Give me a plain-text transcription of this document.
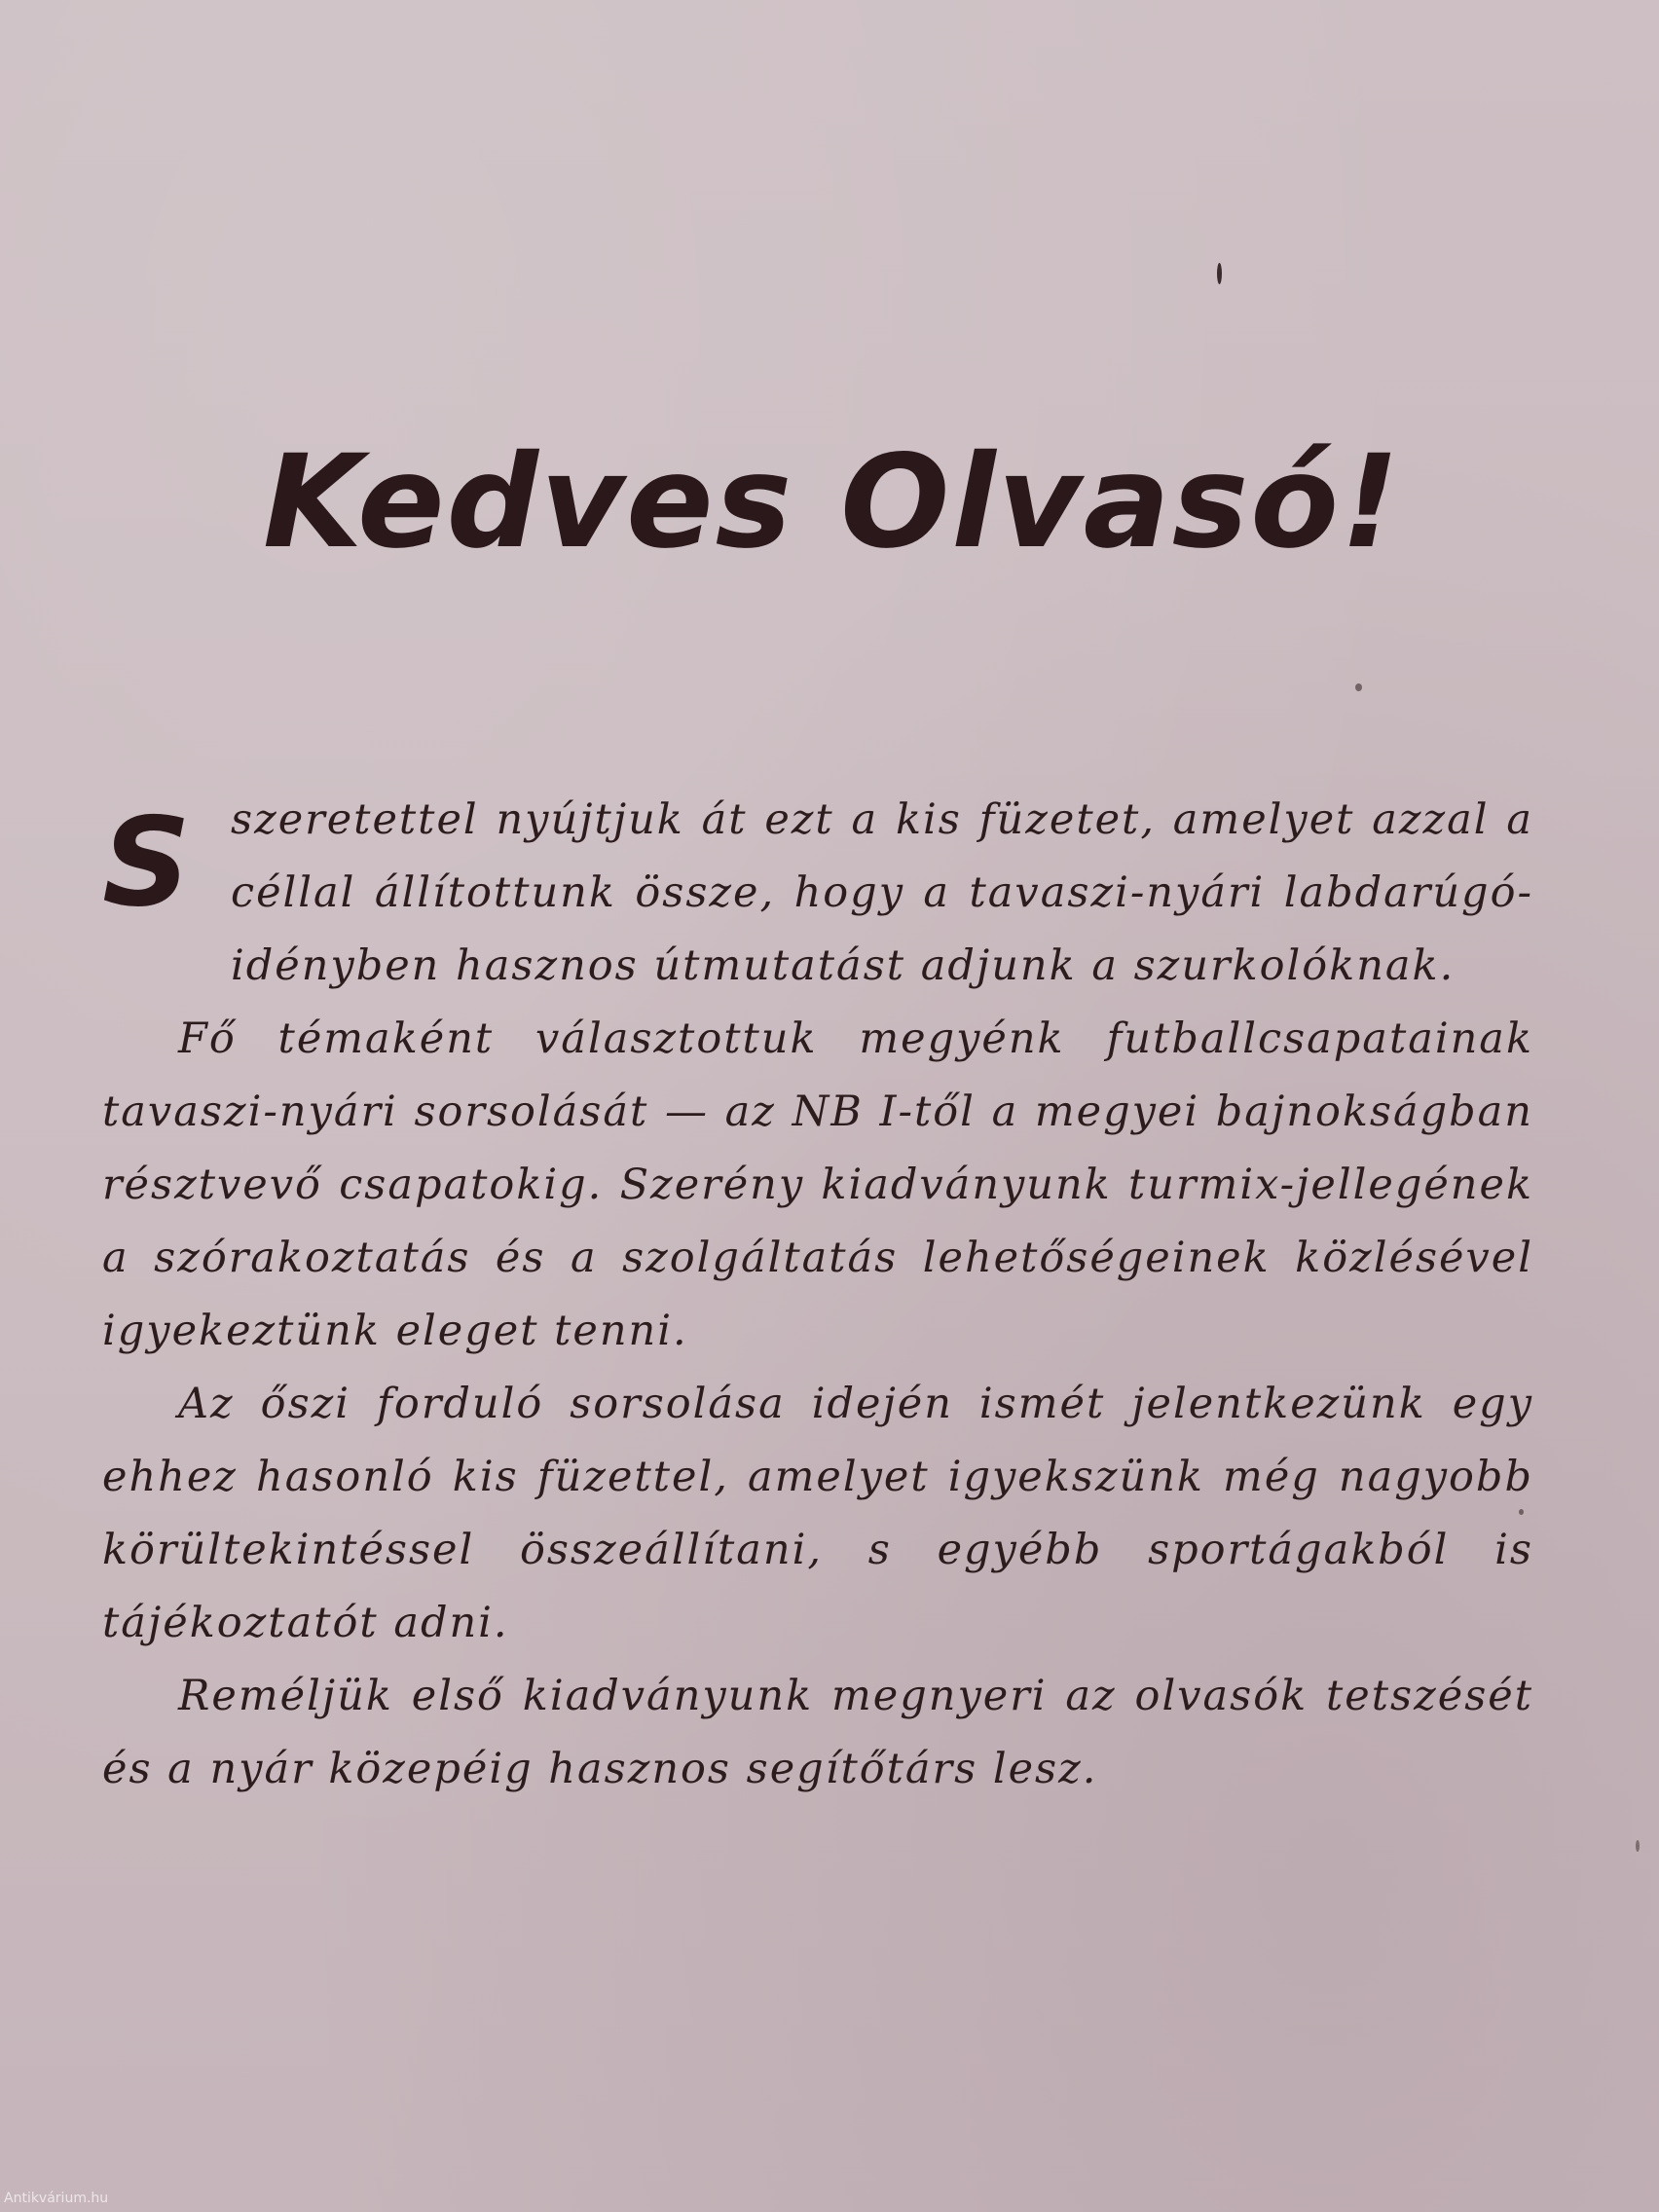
Kedves Olvasó!

Sszeretettel nyújtjuk át ezt a kis füzetet, amelyet azzal a céllal állítottunk össze, hogy a tavaszi-nyári labdarúgó-idényben hasznos útmutatást adjunk a szurkolóknak.

Fő témaként választottuk megyénk futballcsapatainak tavaszi-nyári sorsolását — az NB I-től a megyei bajnokságban résztvevő csapatokig. Szerény kiadványunk turmix-jellegének a szórakoztatás és a szolgáltatás lehetőségeinek közlésével igyekeztünk eleget tenni.

Az őszi forduló sorsolása idején ismét jelentkezünk egy ehhez hasonló kis füzettel, amelyet igyekszünk még nagyobb körültekintéssel összeállítani, s egyébb sportágakból is tájékoztatót adni.

Reméljük első kiadványunk megnyeri az olvasók tetszését és a nyár közepéig hasznos segítőtárs lesz.

Antikvárium.hu
